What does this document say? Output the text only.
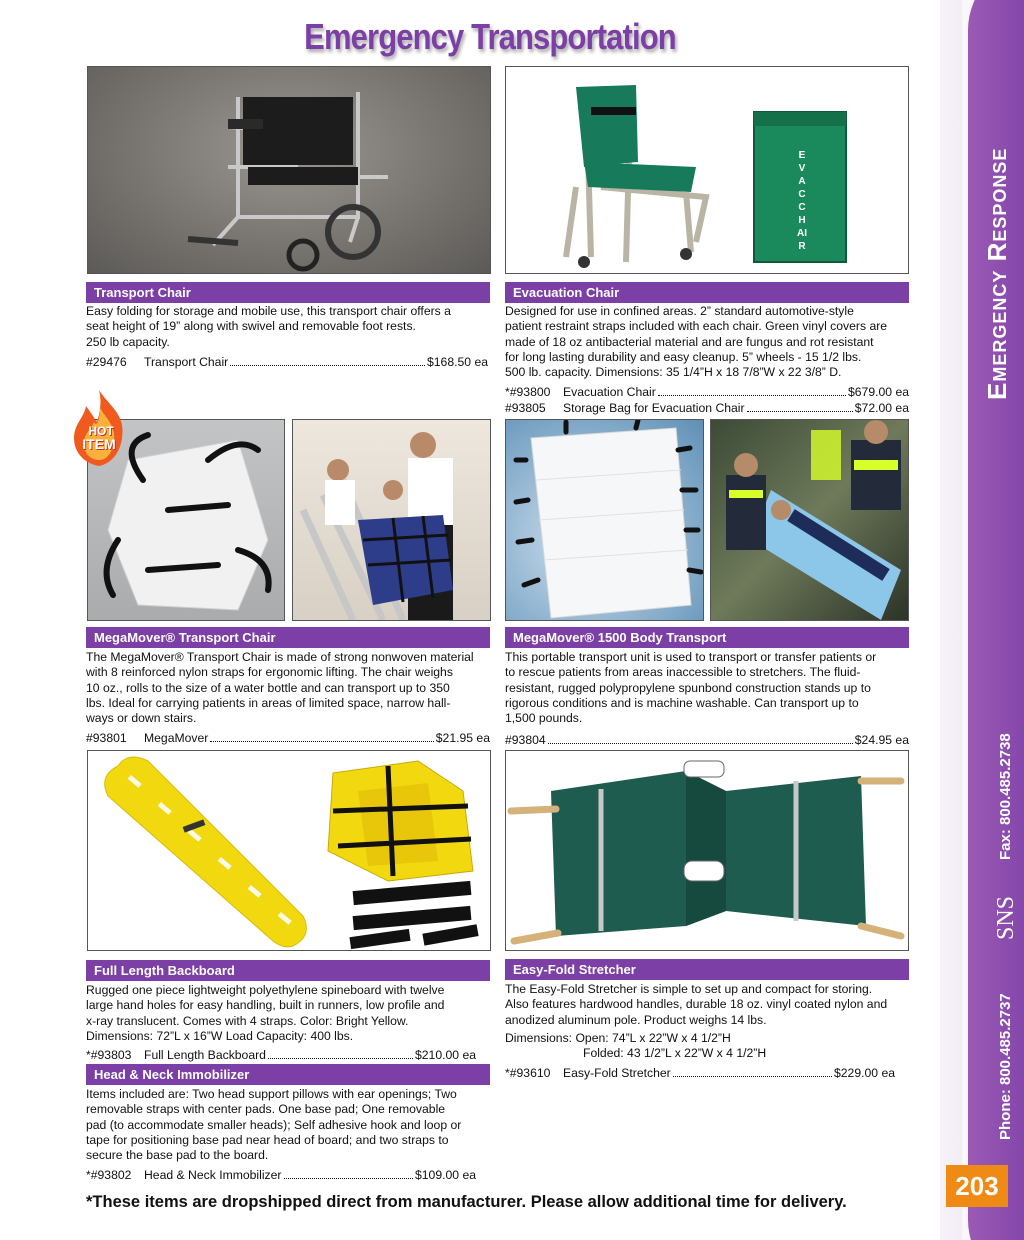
Emergency Transportation
Emergency Response
Fax: 800.485.2738
SNS
Phone: 800.485.2737
203
EVAC CHAIR
Transport Chair	Evacuation Chair
Easy folding for storage and mobile use, this transport chair offers a
seat height of 19” along with swivel and removable foot rests.
250 lb capacity.
#29476	Transport Chair	$168.50 ea
Designed for use in confined areas. 2” standard automotive-style
patient restraint straps included with each chair. Green vinyl covers are
made of 18 oz antibacterial material and are fungus and rot resistant
for long lasting durability and easy cleanup. 5” wheels - 15 1/2 lbs.
500 lb. capacity. Dimensions: 35 1/4”H x 18 7/8”W x 22 3/8” D.
*#93800	Evacuation Chair	$679.00 ea
#93805	Storage Bag for Evacuation Chair	$72.00 ea
HOT
ITEM
MegaMover® Transport Chair	MegaMover® 1500 Body Transport
The MegaMover® Transport Chair is made of strong nonwoven material
with 8 reinforced nylon straps for ergonomic lifting. The chair weighs
10 oz., rolls to the size of a water bottle and can transport up to 350
lbs. Ideal for carrying patients in areas of limited space, narrow hall-
ways or down stairs.
#93801	MegaMover	$21.95 ea
This portable transport unit is used to transport or transfer patients or
to rescue patients from areas inaccessible to stretchers. The fluid-
resistant, rugged polypropylene spunbond construction stands up to
rigorous conditions and is machine washable. Can transport up to
1,500 pounds.
#93804	$24.95 ea
Full Length Backboard	Easy-Fold Stretcher
Rugged one piece lightweight polyethylene spineboard with twelve
large hand holes for easy handling, built in runners, low profile and
x-ray translucent. Comes with 4 straps. Color: Bright Yellow.
Dimensions: 72”L x 16”W Load Capacity: 400 lbs.
*#93803	Full Length Backboard	$210.00 ea
Head & Neck Immobilizer
Items included are: Two head support pillows with ear openings; Two
removable straps with center pads. One base pad; One removable
pad (to accommodate smaller heads); Self adhesive hook and loop or
tape for positioning base pad near head of board; and two straps to
secure the base pad to the board.
*#93802	Head & Neck Immobilizer	$109.00 ea
The Easy-Fold Stretcher is simple to set up and compact for storing.
Also features hardwood handles, durable 18 oz. vinyl coated nylon and
anodized aluminum pole. Product weighs 14 lbs.
Dimensions: Open: 74”L x 22”W x 4 1/2”H
Folded: 43 1/2”L x 22”W x 4 1/2”H
*#93610	Easy-Fold Stretcher	$229.00 ea
*These items are dropshipped direct from manufacturer. Please allow additional time for delivery.
